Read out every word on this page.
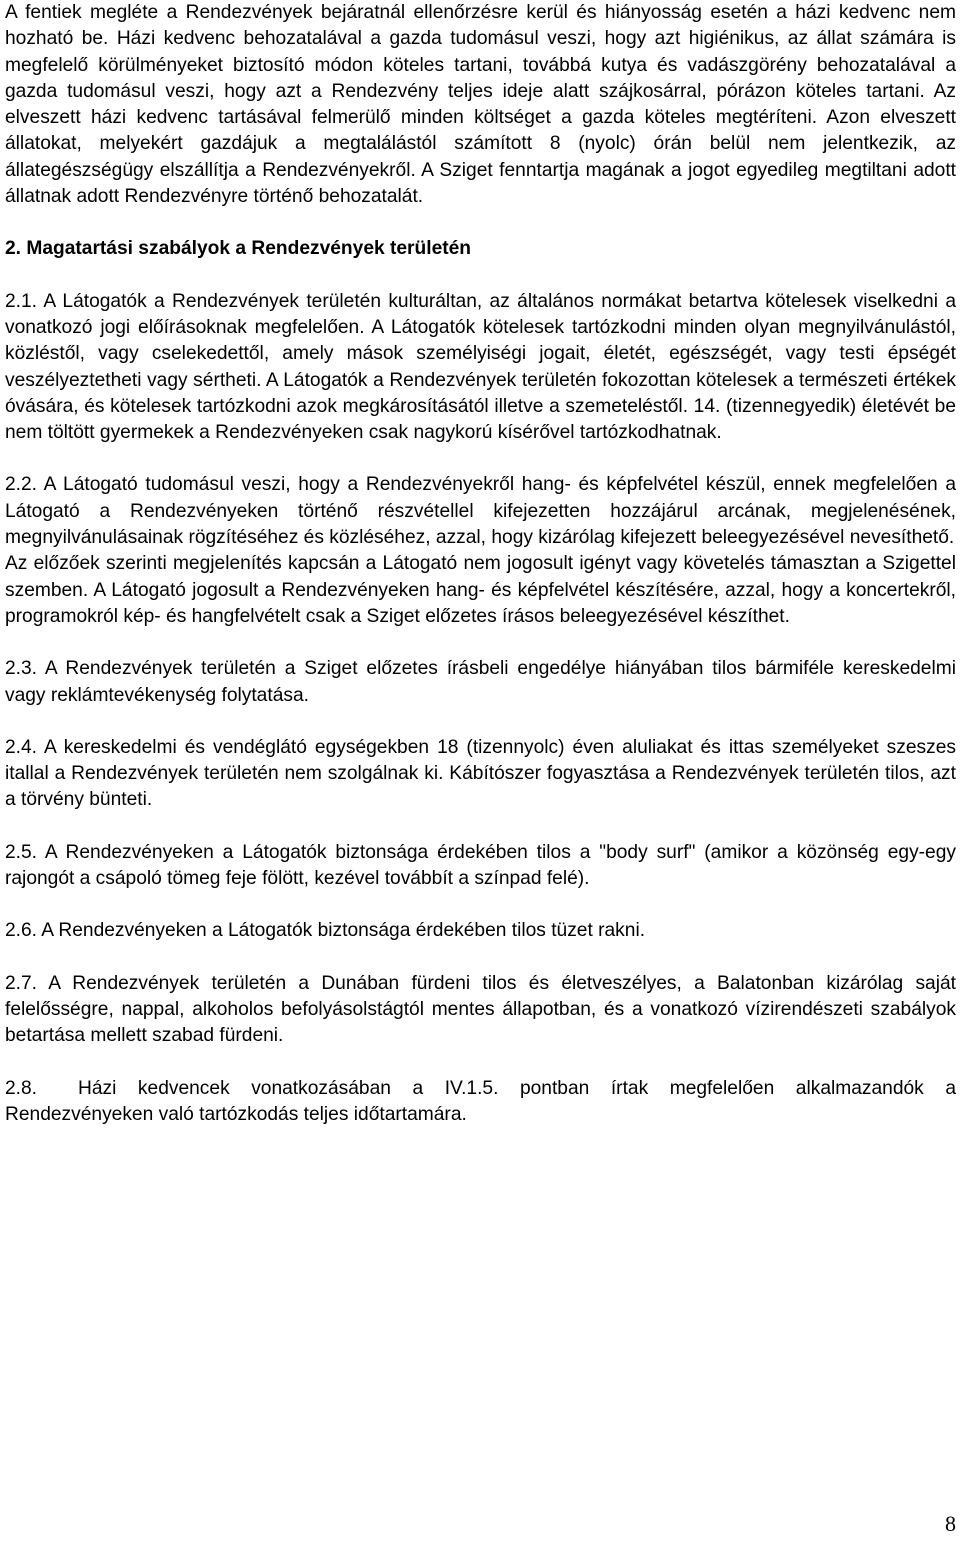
A fentiek megléte a Rendezvények bejáratnál ellenőrzésre kerül és hiányosság esetén a házi kedvenc nem hozható be. Házi kedvenc behozatalával a gazda tudomásul veszi, hogy azt higiénikus, az állat számára is megfelelő körülményeket biztosító módon köteles tartani, továbbá kutya és vadászgörény behozatalával a gazda tudomásul veszi, hogy azt a Rendezvény teljes ideje alatt szájkosárral, pórázon köteles tartani. Az elveszett házi kedvenc tartásával felmerülő minden költséget a gazda köteles megtéríteni. Azon elveszett állatokat, melyekért gazdájuk a megtalálástól számított 8 (nyolc) órán belül nem jelentkezik, az állategészségügy elszállítja a Rendezvényekről. A Sziget fenntartja magának a jogot egyedileg megtiltani adott állatnak adott Rendezvényre történő behozatalát.

2. Magatartási szabályok a Rendezvények területén

2.1. A Látogatók a Rendezvények területén kulturáltan, az általános normákat betartva kötelesek viselkedni a vonatkozó jogi előírásoknak megfelelően. A Látogatók kötelesek tartózkodni minden olyan megnyilvánulástól, közléstől, vagy cselekedettől, amely mások személyiségi jogait, életét, egészségét, vagy testi épségét veszélyeztetheti vagy sértheti. A Látogatók a Rendezvények területén fokozottan kötelesek a természeti értékek óvására, és kötelesek tartózkodni azok megkárosításától illetve a szemeteléstől. 14. (tizennegyedik) életévét be nem töltött gyermekek a Rendezvényeken csak nagykorú kísérővel tartózkodhatnak.

2.2. A Látogató tudomásul veszi, hogy a Rendezvényekről hang- és képfelvétel készül, ennek megfelelően a Látogató a Rendezvényeken történő részvétellel kifejezetten hozzájárul arcának, megjelenésének, megnyilvánulásainak rögzítéséhez és közléséhez, azzal, hogy kizárólag kifejezett beleegyezésével nevesíthető.

Az előzőek szerinti megjelenítés kapcsán a Látogató nem jogosult igényt vagy követelés támasztan a Szigettel szemben. A Látogató jogosult a Rendezvényeken hang- és képfelvétel készítésére, azzal, hogy a koncertekről, programokról kép- és hangfelvételt csak a Sziget előzetes írásos beleegyezésével készíthet.

2.3. A Rendezvények területén a Sziget előzetes írásbeli engedélye hiányában tilos bármiféle kereskedelmi vagy reklámtevékenység folytatása.

2.4. A kereskedelmi és vendéglátó egységekben 18 (tizennyolc) éven aluliakat és ittas személyeket szeszes itallal a Rendezvények területén nem szolgálnak ki. Kábítószer fogyasztása a Rendezvények területén tilos, azt a törvény bünteti.

2.5. A Rendezvényeken a Látogatók biztonsága érdekében tilos a "body surf" (amikor a közönség egy-egy rajongót a csápoló tömeg feje fölött, kezével továbbít a színpad felé).

2.6. A Rendezvényeken a Látogatók biztonsága érdekében tilos tüzet rakni.

2.7. A Rendezvények területén a Dunában fürdeni tilos és életveszélyes, a Balatonban kizárólag saját felelősségre, nappal, alkoholos befolyásolstágtól mentes állapotban, és a vonatkozó vízirendészeti szabályok betartása mellett szabad fürdeni.

2.8. Házi kedvencek vonatkozásában a IV.1.5. pontban írtak megfelelően alkalmazandók a Rendezvényeken való tartózkodás teljes időtartamára.

8
